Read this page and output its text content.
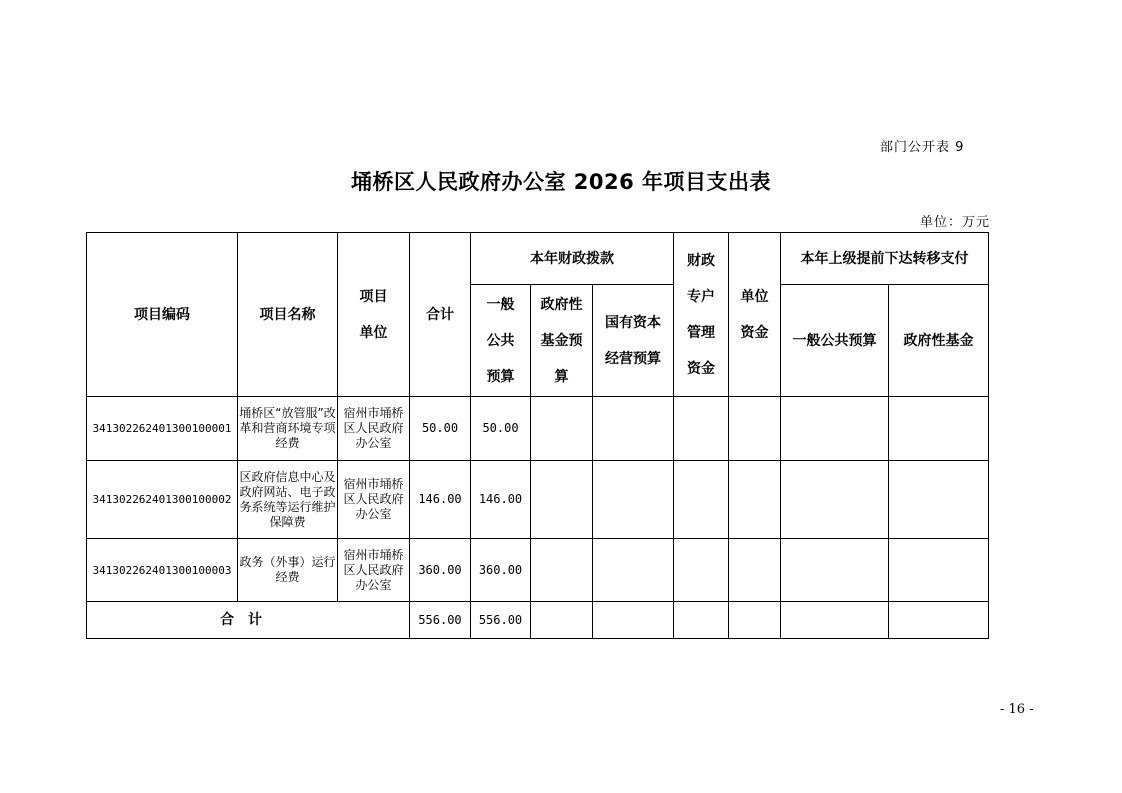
部门公开表 9
埇桥区人民政府办公室 2026 年项目支出表
单位：万元
项目编码	项目名称	项目单位	合计	本年财政拨款			财政专户管理资金	单位资金	本年上级提前下达转移支付	
				一般公共预算	政府性基金预算	国有资本经营预算			一般公共预算	政府性基金
341302262401300100001	埇桥区“放管服”改革和营商环境专项经费	宿州市埇桥区人民政府办公室	50.00	50.00						
341302262401300100002	区政府信息中心及政府网站、电子政务系统等运行维护保障费	宿州市埇桥区人民政府办公室	146.00	146.00						
341302262401300100003	政务（外事）运行经费	宿州市埇桥区人民政府办公室	360.00	360.00						
合计			556.00	556.00						
- 16 -
